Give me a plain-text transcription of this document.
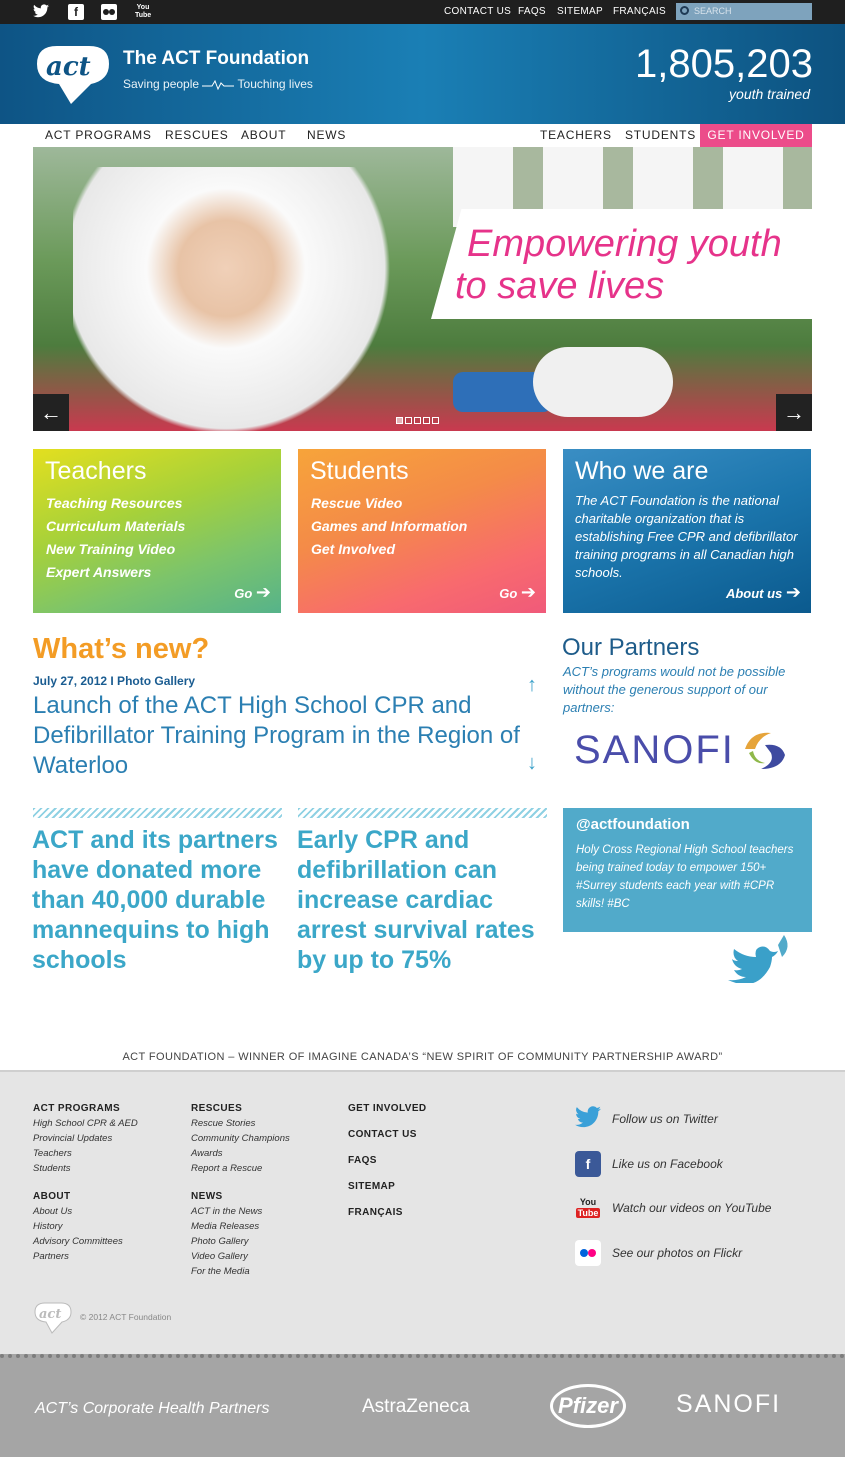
f	You
Tube	CONTACT US FAQS SITEMAP FRANÇAIS	SEARCH
act The ACT Foundation
Saving people	Touching lives	1,805,203
youth trained
ACT PROGRAMS RESCUES ABOUT NEWS	TEACHERS STUDENTS GET INVOLVED
Empowering youth
to save lives
←	→
Teachers
Teaching Resources
Curriculum Materials
New Training Video
Expert Answers
Go ➔
Students
Rescue Video
Games and Information
Get Involved
Go ➔
Who we are

The ACT Foundation is the national charitable organization that is establishing Free CPR and defibrillator training programs in all Canadian high schools.

About us ➔
What’s new?
July 27, 2012 I Photo Gallery
Launch of the ACT High School CPR and Defibrillator Training Program in the Region of Waterloo
↑
↓
Our Partners
ACT’s programs would not be possible without the generous support of our partners:
SANOFI
ACT and its partners have donated more than 40,000 durable mannequins to high schools
Early CPR and defibrillation can increase cardiac arrest survival rates by up to 75%
@actfoundation
Holy Cross Regional High School teachers being trained today to empower 150+ #Surrey students each year with #CPR skills! #BC
ACT FOUNDATION – WINNER OF IMAGINE CANADA’S “NEW SPIRIT OF COMMUNITY PARTNERSHIP AWARD”
ACT PROGRAMS
High School CPR & AED
Provincial Updates
Teachers
Students
ABOUT
About Us
History
Advisory Committees
Partners
RESCUES
Rescue Stories
Community Champions
Awards
Report a Rescue
NEWS
ACT in the News
Media Releases
Photo Gallery
Video Gallery
For the Media
GET INVOLVED
CONTACT US
FAQS
SITEMAP
FRANÇAIS
Follow us on Twitter
f	Like us on Facebook
You
Tube Watch our videos on YouTube
See our photos on Flickr
act © 2012 ACT Foundation
ACT’s Corporate Health Partners	AstraZeneca	Pfizer	SANOFI
